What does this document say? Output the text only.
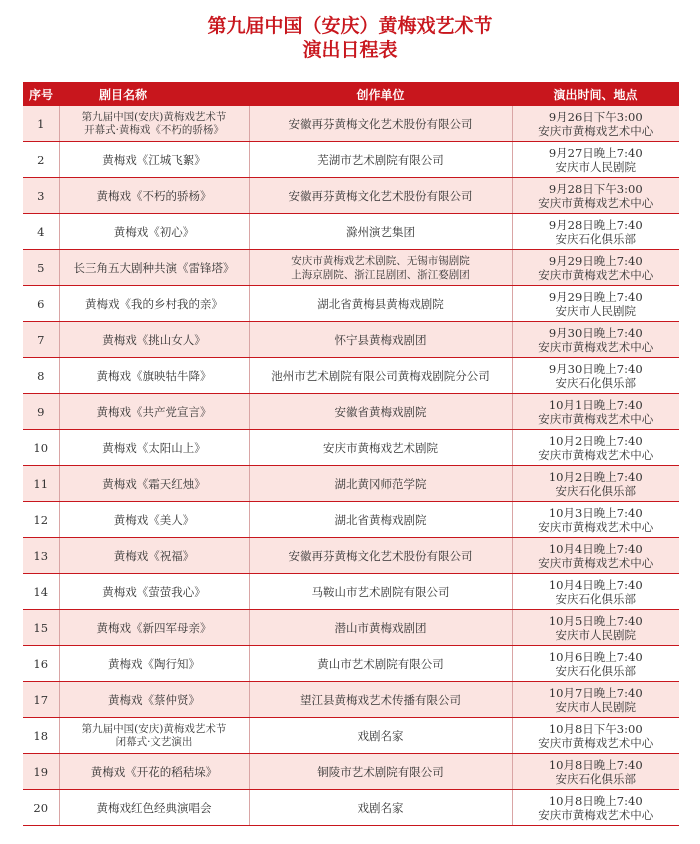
第九届中国（安庆）黄梅戏艺术节
演出日程表
序号	剧目名称	创作单位	演出时间、地点
1	第九届中国(安庆)黄梅戏艺术节
开幕式·黄梅戏《不朽的骄杨》	安徽再芬黄梅文化艺术股份有限公司	9月26日下午3:00
安庆市黄梅戏艺术中心

2	黄梅戏《江城飞絮》	芜湖市艺术剧院有限公司	9月27日晚上7:40
安庆市人民剧院

3	黄梅戏《不朽的骄杨》	安徽再芬黄梅文化艺术股份有限公司	9月28日下午3:00
安庆市黄梅戏艺术中心

4	黄梅戏《初心》	滁州演艺集团	9月28日晚上7:40
安庆石化俱乐部

5	长三角五大剧种共演《雷锋塔》	安庆市黄梅戏艺术剧院、无锡市锡剧院
上海京剧院、浙江昆剧团、浙江婺剧团	9月29日晚上7:40
安庆市黄梅戏艺术中心

6	黄梅戏《我的乡村我的亲》	湖北省黄梅县黄梅戏剧院	9月29日晚上7:40
安庆市人民剧院

7	黄梅戏《挑山女人》	怀宁县黄梅戏剧团	9月30日晚上7:40
安庆市黄梅戏艺术中心

8	黄梅戏《旗映牯牛降》	池州市艺术剧院有限公司黄梅戏剧院分公司	9月30日晚上7:40
安庆石化俱乐部

9	黄梅戏《共产党宣言》	安徽省黄梅戏剧院	10月1日晚上7:40
安庆市黄梅戏艺术中心

10	黄梅戏《太阳山上》	安庆市黄梅戏艺术剧院	10月2日晚上7:40
安庆市黄梅戏艺术中心

11	黄梅戏《霜天红烛》	湖北黄冈师范学院	10月2日晚上7:40
安庆石化俱乐部

12	黄梅戏《美人》	湖北省黄梅戏剧院	10月3日晚上7:40
安庆市黄梅戏艺术中心

13	黄梅戏《祝福》	安徽再芬黄梅文化艺术股份有限公司	10月4日晚上7:40
安庆市黄梅戏艺术中心

14	黄梅戏《萤萤我心》	马鞍山市艺术剧院有限公司	10月4日晚上7:40
安庆石化俱乐部

15	黄梅戏《新四军母亲》	潜山市黄梅戏剧团	10月5日晚上7:40
安庆市人民剧院

16	黄梅戏《陶行知》	黄山市艺术剧院有限公司	10月6日晚上7:40
安庆石化俱乐部

17	黄梅戏《蔡仲贤》	望江县黄梅戏艺术传播有限公司	10月7日晚上7:40
安庆市人民剧院

18	第九届中国(安庆)黄梅戏艺术节
闭幕式·文艺演出	戏剧名家	10月8日下午3:00
安庆市黄梅戏艺术中心

19	黄梅戏《开花的稻秸垛》	铜陵市艺术剧院有限公司	10月8日晚上7:40
安庆石化俱乐部

20	黄梅戏红色经典演唱会	戏剧名家	10月8日晚上7:40
安庆市黄梅戏艺术中心
